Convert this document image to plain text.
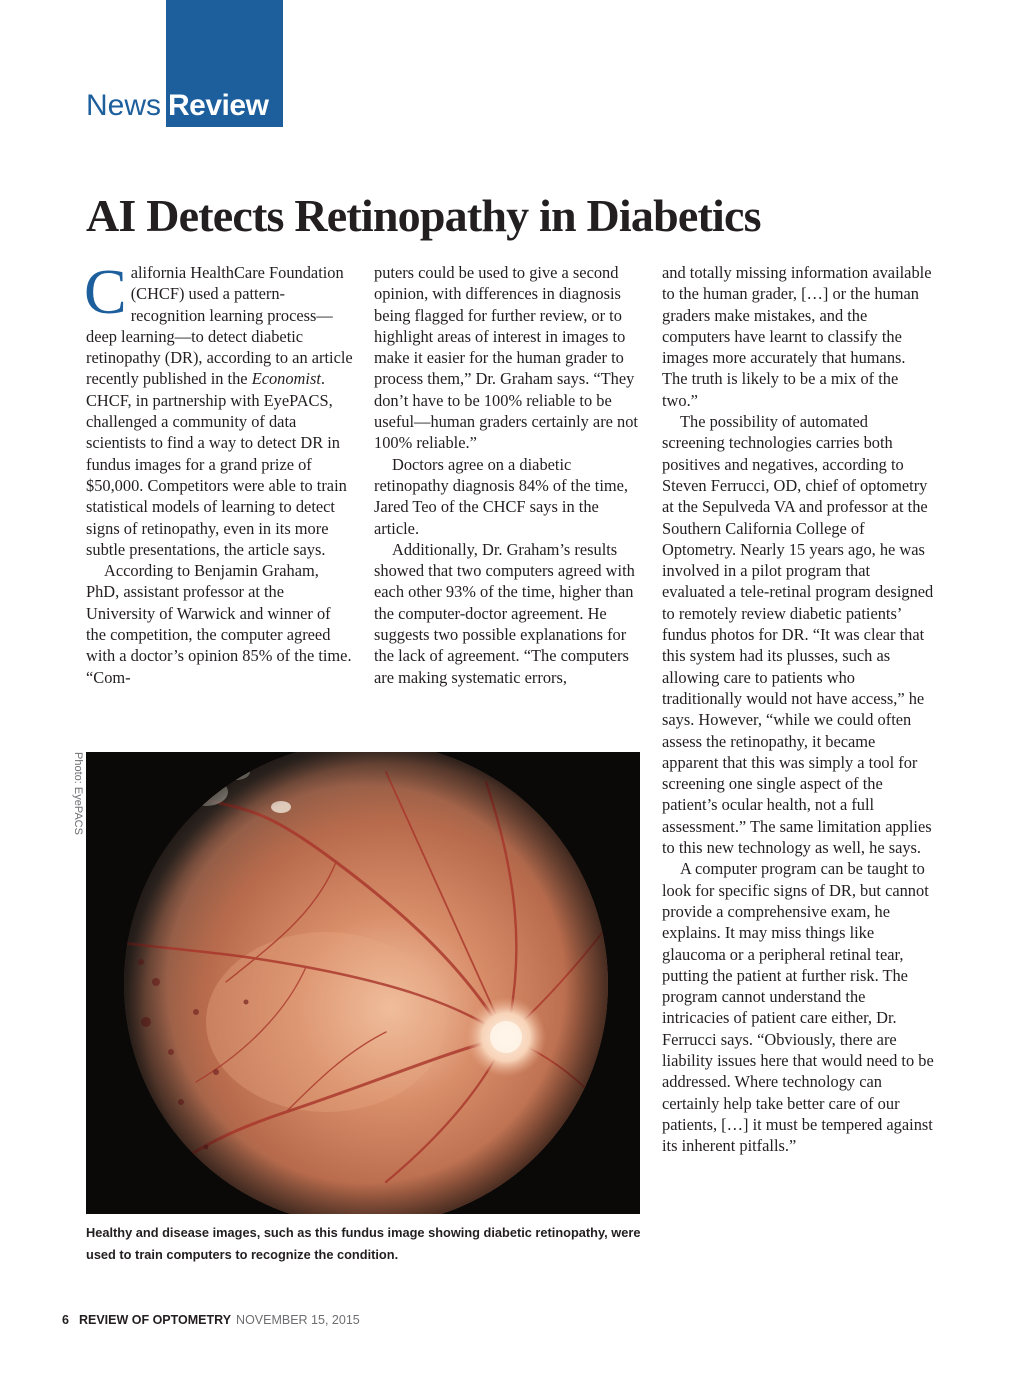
News Review
AI Detects Retinopathy in Diabetics

California HealthCare Foundation (CHCF) used a pattern-recognition learning process—deep learning—to detect diabetic retinopathy (DR), according to an article recently published in the Economist. CHCF, in partnership with EyePACS, challenged a community of data scientists to find a way to detect DR in fundus images for a grand prize of $50,000. Competitors were able to train statistical models of learning to detect signs of retinopathy, even in its more subtle presentations, the article says.

According to Benjamin Graham, PhD, assistant professor at the University of Warwick and winner of the competition, the computer agreed with a doctor’s opinion 85% of the time. “Com-

puters could be used to give a second opinion, with differences in diagnosis being flagged for further review, or to highlight areas of interest in images to make it easier for the human grader to process them,” Dr. Graham says. “They don’t have to be 100% reliable to be useful—human graders certainly are not 100% reliable.”

Doctors agree on a diabetic retinopathy diagnosis 84% of the time, Jared Teo of the CHCF says in the article.

Additionally, Dr. Graham’s results showed that two computers agreed with each other 93% of the time, higher than the computer-doctor agreement. He suggests two possible explanations for the lack of agreement. “The computers are making systematic errors,

and totally missing information available to the human grader, […] or the human graders make mistakes, and the computers have learnt to classify the images more accurately that humans. The truth is likely to be a mix of the two.”

The possibility of automated screening technologies carries both positives and negatives, according to Steven Ferrucci, OD, chief of optometry at the Sepulveda VA and professor at the Southern California College of Optometry. Nearly 15 years ago, he was involved in a pilot program that evaluated a tele-retinal program designed to remotely review diabetic patients’ fundus photos for DR. “It was clear that this system had its plusses, such as allowing care to patients who traditionally would not have access,” he says. However, “while we could often assess the retinopathy, it became apparent that this was simply a tool for screening one single aspect of the patient’s ocular health, not a full assessment.” The same limitation applies to this new technology as well, he says.

A computer program can be taught to look for specific signs of DR, but cannot provide a comprehensive exam, he explains. It may miss things like glaucoma or a peripheral retinal tear, putting the patient at further risk. The program cannot understand the intricacies of patient care either, Dr. Ferrucci says. “Obviously, there are liability issues here that would need to be addressed. Where technology can certainly help take better care of our patients, […] it must be tempered against its inherent pitfalls.”

Photo: EyePACS
Healthy and disease images, such as this fundus image showing diabetic retinopathy, were used to train computers to recognize the condition.
6 REVIEW OF OPTOMETRY NOVEMBER 15, 2015
